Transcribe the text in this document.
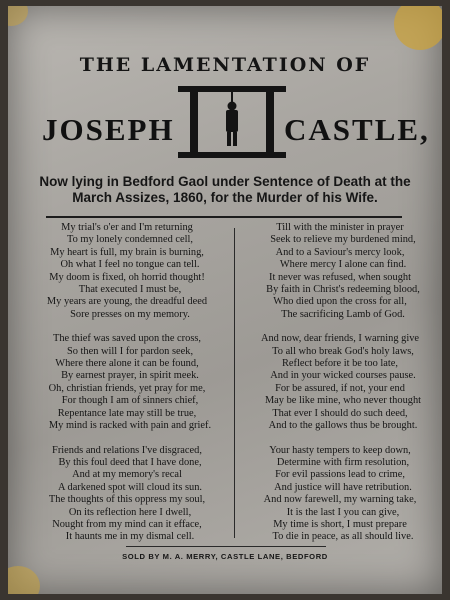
THE LAMENTATION OF
JOSEPH	CASTLE,
Now lying in Bedford Gaol under Sentence of Death at the
March Assizes, 1860, for the Murder of his Wife.
My trial's o'er and I'm returning
To my lonely condemned cell,
My heart is full, my brain is burning,
Oh what I feel no tongue can tell.
My doom is fixed, oh horrid thought!
That executed I must be,
My years are young, the dreadful deed
Sore presses on my memory.
The thief was saved upon the cross,
So then will I for pardon seek,
Where there alone it can be found,
By earnest prayer, in spirit meek.
Oh, christian friends, yet pray for me,
For though I am of sinners chief,
Repentance late may still be true,
My mind is racked with pain and grief.
Friends and relations I've disgraced,
By this foul deed that I have done,
And at my memory's recal
A darkened spot will cloud its sun.
The thoughts of this oppress my soul,
On its reflection here I dwell,
Nought from my mind can it efface,
It haunts me in my dismal cell.
Till with the minister in prayer
Seek to relieve my burdened mind,
And to a Saviour's mercy look,
Where mercy I alone can find.
It never was refused, when sought
By faith in Christ's redeeming blood,
Who died upon the cross for all,
The sacrificing Lamb of God.
And now, dear friends, I warning give
To all who break God's holy laws,
Reflect before it be too late,
And in your wicked courses pause.
For be assured, if not, your end
May be like mine, who never thought
That ever I should do such deed,
And to the gallows thus be brought.
Your hasty tempers to keep down,
Determine with firm resolution,
For evil passions lead to crime,
And justice will have retribution.
And now farewell, my warning take,
It is the last I you can give,
My time is short, I must prepare
To die in peace, as all should live.
SOLD BY M. A. MERRY, CASTLE LANE, BEDFORD
